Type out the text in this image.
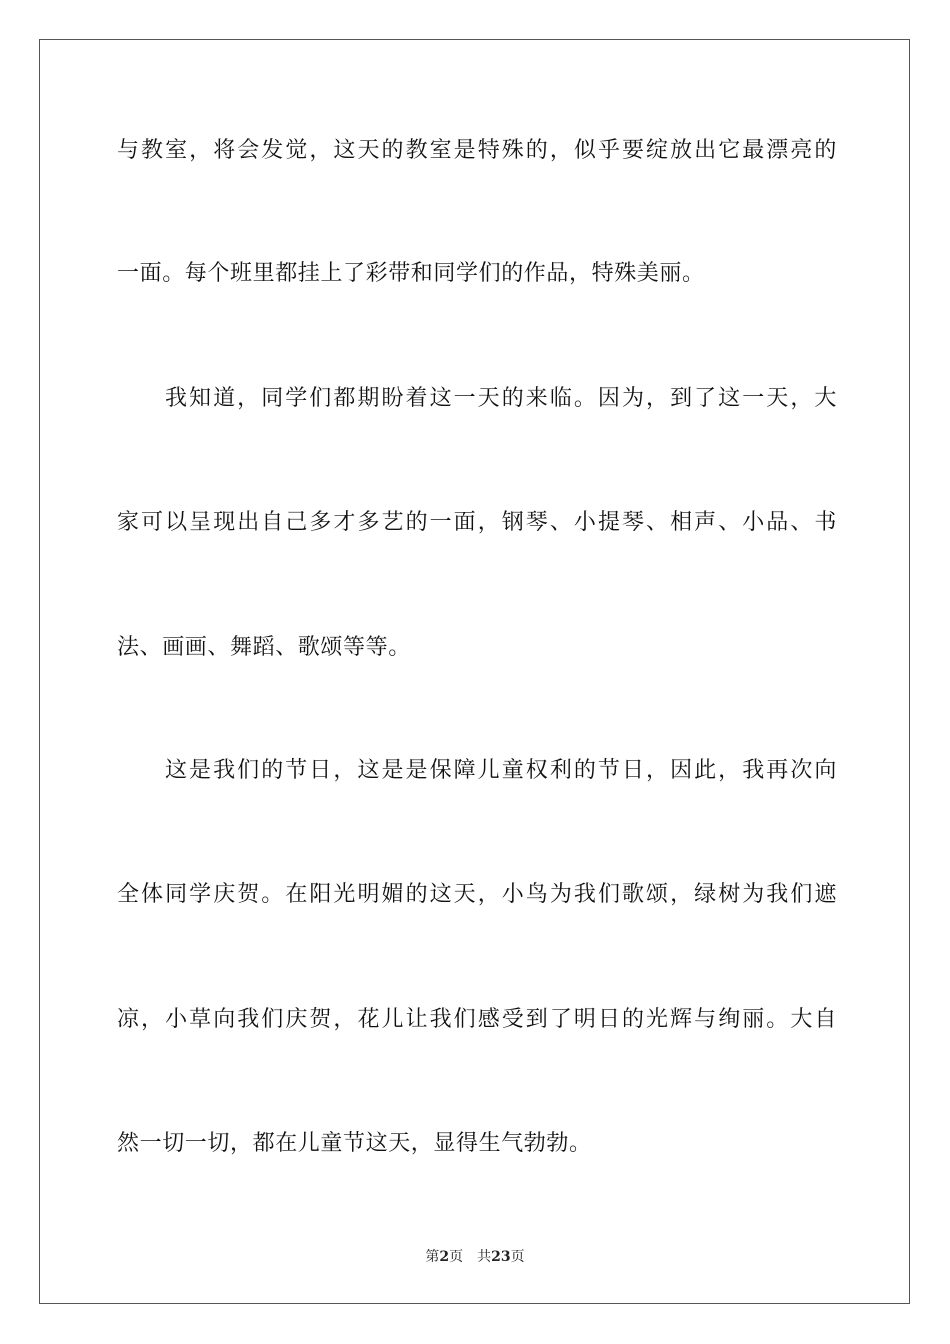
与教室，将会发觉，这天的教室是特殊的，似乎要绽放出它最漂亮的
一面。每个班里都挂上了彩带和同学们的作品，特殊美丽。
我知道，同学们都期盼着这一天的来临。因为，到了这一天，大
家可以呈现出自己多才多艺的一面，钢琴、小提琴、相声、小品、书
法、画画、舞蹈、歌颂等等。
这是我们的节日，这是是保障儿童权利的节日，因此，我再次向
全体同学庆贺。在阳光明媚的这天，小鸟为我们歌颂，绿树为我们遮
凉，小草向我们庆贺，花儿让我们感受到了明日的光辉与绚丽。大自
然一切一切，都在儿童节这天，显得生气勃勃。
第2页 共23页
